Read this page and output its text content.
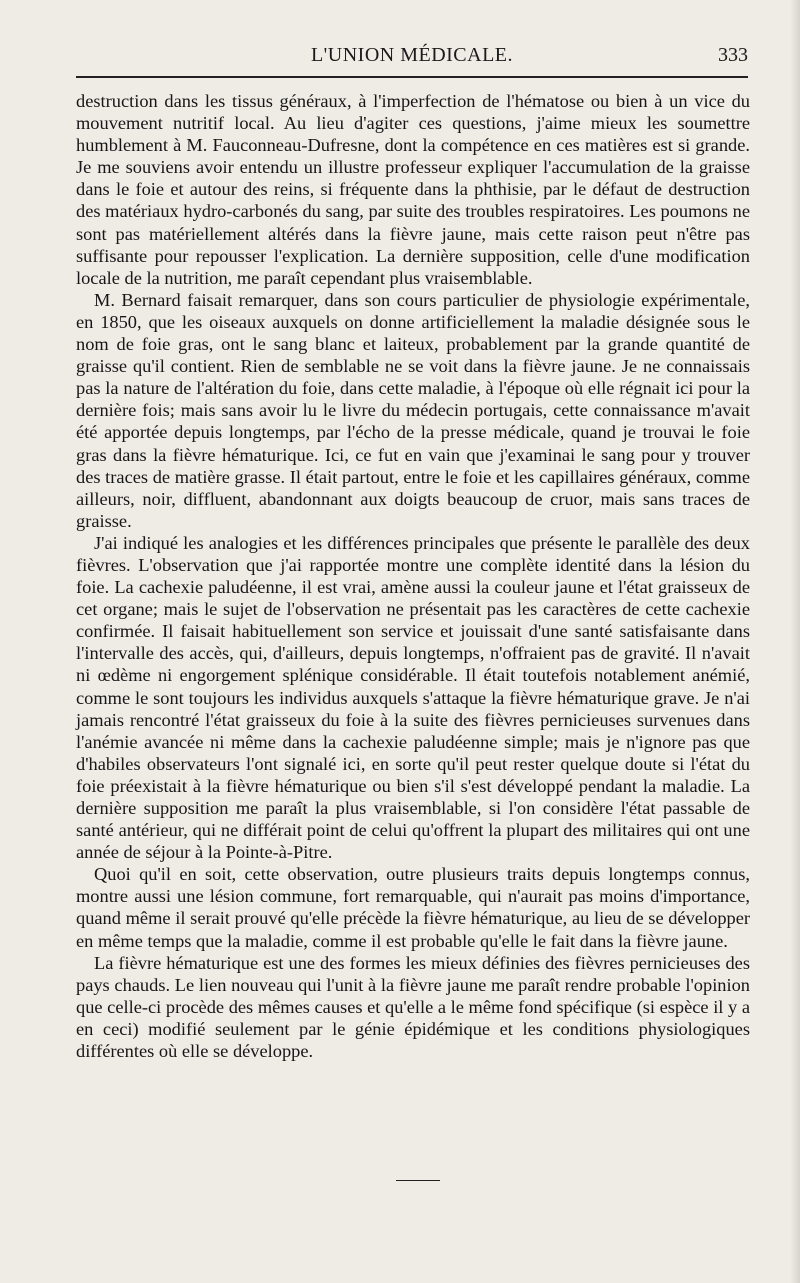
L'UNION MÉDICALE.	333

destruction dans les tissus généraux, à l'imperfection de l'hématose ou bien à un vice du mouvement nutritif local. Au lieu d'agiter ces questions, j'aime mieux les soumettre humblement à M. Fauconneau-Dufresne, dont la compétence en ces matières est si grande. Je me souviens avoir entendu un illustre professeur expliquer l'accumulation de la graisse dans le foie et autour des reins, si fréquente dans la phthisie, par le défaut de destruction des matériaux hydro-carbonés du sang, par suite des troubles respiratoires. Les poumons ne sont pas matériellement altérés dans la fièvre jaune, mais cette raison peut n'être pas suffisante pour repousser l'explication. La dernière supposition, celle d'une modification locale de la nutrition, me paraît cependant plus vraisemblable.

M. Bernard faisait remarquer, dans son cours particulier de physiologie expérimentale, en 1850, que les oiseaux auxquels on donne artificiellement la maladie désignée sous le nom de foie gras, ont le sang blanc et laiteux, probablement par la grande quantité de graisse qu'il contient. Rien de semblable ne se voit dans la fièvre jaune. Je ne connaissais pas la nature de l'altération du foie, dans cette maladie, à l'époque où elle régnait ici pour la dernière fois; mais sans avoir lu le livre du médecin portugais, cette connaissance m'avait été apportée depuis longtemps, par l'écho de la presse médicale, quand je trouvai le foie gras dans la fièvre hématurique. Ici, ce fut en vain que j'examinai le sang pour y trouver des traces de matière grasse. Il était partout, entre le foie et les capillaires généraux, comme ailleurs, noir, diffluent, abandonnant aux doigts beaucoup de cruor, mais sans traces de graisse.

J'ai indiqué les analogies et les différences principales que présente le parallèle des deux fièvres. L'observation que j'ai rapportée montre une complète identité dans la lésion du foie. La cachexie paludéenne, il est vrai, amène aussi la couleur jaune et l'état graisseux de cet organe; mais le sujet de l'observation ne présentait pas les caractères de cette cachexie confirmée. Il faisait habituellement son service et jouissait d'une santé satisfaisante dans l'intervalle des accès, qui, d'ailleurs, depuis longtemps, n'offraient pas de gravité. Il n'avait ni œdème ni engorgement splénique considérable. Il était toutefois notablement anémié, comme le sont toujours les individus auxquels s'attaque la fièvre hématurique grave. Je n'ai jamais rencontré l'état graisseux du foie à la suite des fièvres pernicieuses survenues dans l'anémie avancée ni même dans la cachexie paludéenne simple; mais je n'ignore pas que d'habiles observateurs l'ont signalé ici, en sorte qu'il peut rester quelque doute si l'état du foie préexistait à la fièvre hématurique ou bien s'il s'est développé pendant la maladie. La dernière supposition me paraît la plus vraisemblable, si l'on considère l'état passable de santé antérieur, qui ne différait point de celui qu'offrent la plupart des militaires qui ont une année de séjour à la Pointe-à-Pitre.

Quoi qu'il en soit, cette observation, outre plusieurs traits depuis longtemps connus, montre aussi une lésion commune, fort remarquable, qui n'aurait pas moins d'importance, quand même il serait prouvé qu'elle précède la fièvre hématurique, au lieu de se développer en même temps que la maladie, comme il est probable qu'elle le fait dans la fièvre jaune.

La fièvre hématurique est une des formes les mieux définies des fièvres pernicieuses des pays chauds. Le lien nouveau qui l'unit à la fièvre jaune me paraît rendre probable l'opinion que celle-ci procède des mêmes causes et qu'elle a le même fond spécifique (si espèce il y a en ceci) modifié seulement par le génie épidémique et les conditions physiologiques différentes où elle se développe.
